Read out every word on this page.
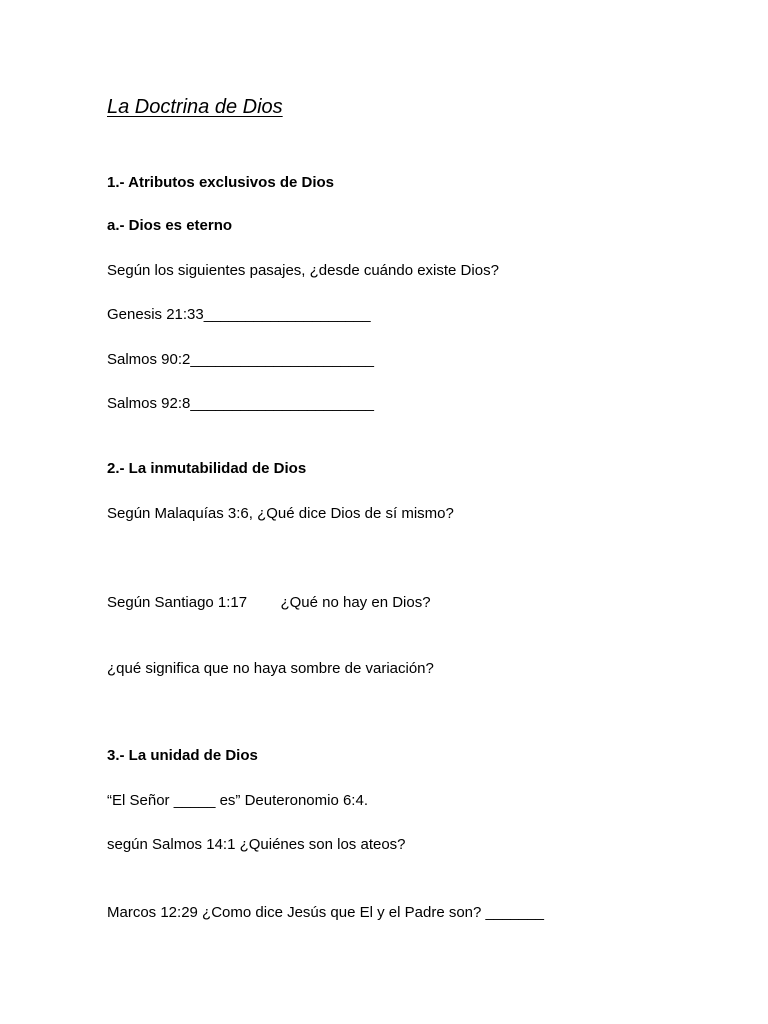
La Doctrina de Dios
1.- Atributos exclusivos de Dios
a.- Dios es eterno
Según los siguientes pasajes, ¿desde cuándo existe Dios?
Genesis 21:33____________________
Salmos 90:2______________________
Salmos 92:8______________________
2.- La inmutabilidad de Dios
Según Malaquías 3:6, ¿Qué dice Dios de sí mismo?
Según Santiago 1:17        ¿Qué no hay en Dios?
¿qué significa que no haya sombre de variación?
3.- La unidad de Dios
“El Señor _____ es” Deuteronomio 6:4.
según Salmos 14:1 ¿Quiénes son los ateos?
Marcos 12:29 ¿Como dice Jesús que El y el Padre son? _______
